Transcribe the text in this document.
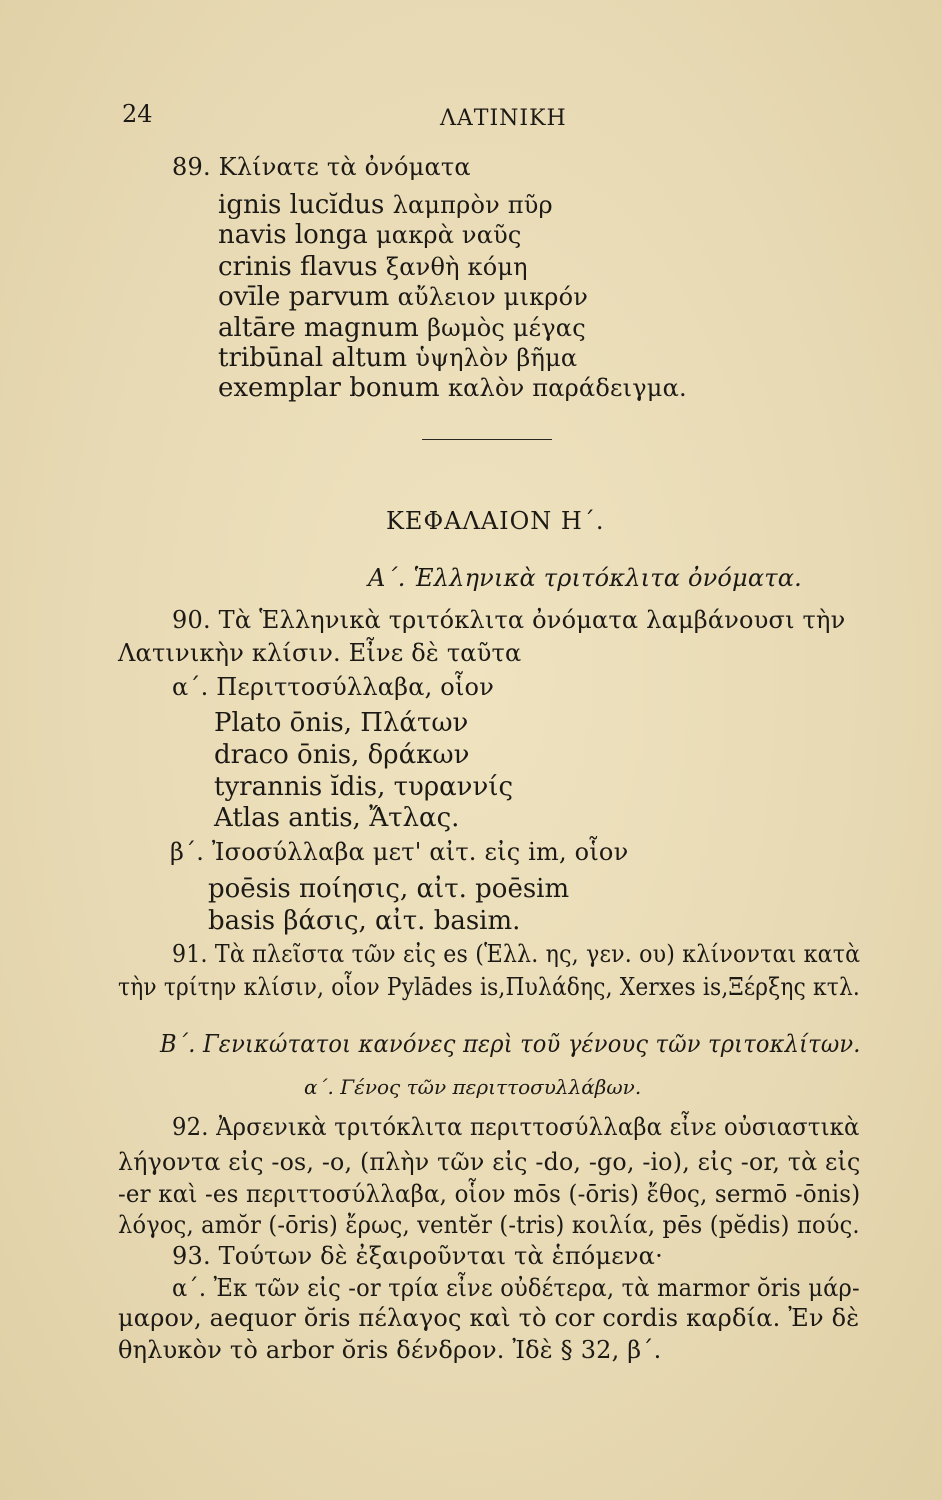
24	ΛΑΤΙΝΙΚΗ
89. Κλίνατε τὰ ὀνόματα
ignis lucĭdus λαμπρὸν πῦρ
navis longa μακρὰ ναῦς
crinis flavus ξανθὴ κόμη
ovīle parvum αὔλειον μικρόν
altāre magnum βωμὸς μέγας
tribūnal altum ὑψηλὸν βῆμα
exemplar bonum καλὸν παράδειγμα.
ΚΕΦΑΛΑΙΟΝ Η΄.
Α΄. Ἑλληνικὰ τριτόκλιτα ὀνόματα.
90. Τὰ Ἑλληνικὰ τριτόκλιτα ὀνόματα λαμβάνουσι τὴν
Λατινικὴν κλίσιν. Εἶνε δὲ ταῦτα
α΄. Περιττοσύλλαβα, οἷον
Plato ōnis, Πλάτων
draco ōnis, δράκων
tyrannis ĭdis, τυραννίς
Atlas antis, Ἄτλας.
β΄. Ἰσοσύλλαβα μετ' αἰτ. εἰς im, οἷον
poēsis ποίησις, αἰτ. poēsim
basis βάσις, αἰτ. basim.
91. Τὰ πλεῖστα τῶν εἰς es (Ἑλλ. ης, γεν. ου) κλίνονται κατὰ
τὴν τρίτην κλίσιν, οἷον Pylādes is,Πυλάδης, Xerxes is,Ξέρξης κτλ.
Β΄. Γενικώτατοι κανόνες περὶ τοῦ γένους τῶν τριτοκλίτων.
α΄. Γένος τῶν περιττοσυλλάβων.
92. Ἀρσενικὰ τριτόκλιτα περιττοσύλλαβα εἶνε οὐσιαστικὰ
λήγοντα εἰς -os, -o, (πλὴν τῶν εἰς -do, -go, -io), εἰς -or, τὰ εἰς
-er καὶ -es περιττοσύλλαβα, οἷον mōs (-ōris) ἔθος, sermō -ōnis)
λόγος, amŏr (-ōris) ἔρως, ventĕr (-tris) κοιλία, pēs (pĕdis) πούς.
93. Τούτων δὲ ἐξαιροῦνται τὰ ἑπόμενα·
α΄. Ἐκ τῶν εἰς -or τρία εἶνε οὐδέτερα, τὰ marmor ŏris μάρ-
μαρον, aequor ŏris πέλαγος καὶ τὸ cor cordis καρδία. Ἐν δὲ
θηλυκὸν τὸ arbor ŏris δένδρον. Ἰδὲ § 32, β΄.
